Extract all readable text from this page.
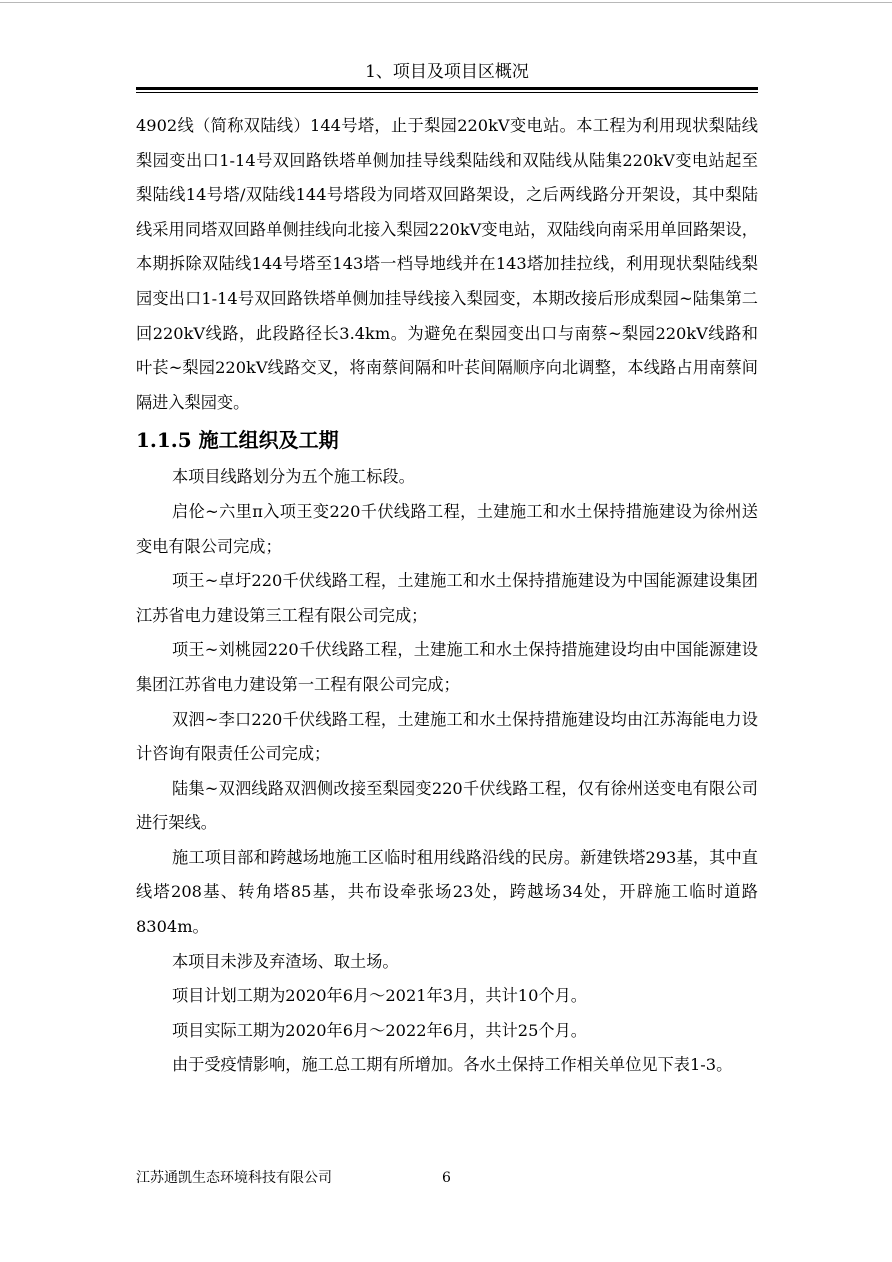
1、项目及项目区概况

4902线（简称双陆线）144号塔，止于梨园220kV变电站。本工程为利用现状梨陆线梨园变出口1-14号双回路铁塔单侧加挂导线梨陆线和双陆线从陆集220kV变电站起至梨陆线14号塔/双陆线144号塔段为同塔双回路架设，之后两线路分开架设，其中梨陆线采用同塔双回路单侧挂线向北接入梨园220kV变电站，双陆线向南采用单回路架设，本期拆除双陆线144号塔至143塔一档导地线并在143塔加挂拉线，利用现状梨陆线梨园变出口1-14号双回路铁塔单侧加挂导线接入梨园变，本期改接后形成梨园~陆集第二回220kV线路，此段路径长3.4km。为避免在梨园变出口与南蔡~梨园220kV线路和叶苌~梨园220kV线路交叉，将南蔡间隔和叶苌间隔顺序向北调整，本线路占用南蔡间隔进入梨园变。

1.1.5 施工组织及工期

本项目线路划分为五个施工标段。

启伦~六里π入项王变220千伏线路工程，土建施工和水土保持措施建设为徐州送变电有限公司完成；

项王~卓圩220千伏线路工程，土建施工和水土保持措施建设为中国能源建设集团江苏省电力建设第三工程有限公司完成；

项王~刘桃园220千伏线路工程，土建施工和水土保持措施建设均由中国能源建设集团江苏省电力建设第一工程有限公司完成；

双泗~李口220千伏线路工程，土建施工和水土保持措施建设均由江苏海能电力设计咨询有限责任公司完成；

陆集~双泗线路双泗侧改接至梨园变220千伏线路工程，仅有徐州送变电有限公司进行架线。

施工项目部和跨越场地施工区临时租用线路沿线的民房。新建铁塔293基，其中直线塔208基、转角塔85基，共布设牵张场23处，跨越场34处，开辟施工临时道路8304m。

本项目未涉及弃渣场、取土场。

项目计划工期为2020年6月～2021年3月，共计10个月。

项目实际工期为2020年6月～2022年6月，共计25个月。

由于受疫情影响，施工总工期有所增加。各水土保持工作相关单位见下表1-3。

江苏通凯生态环境科技有限公司	6
